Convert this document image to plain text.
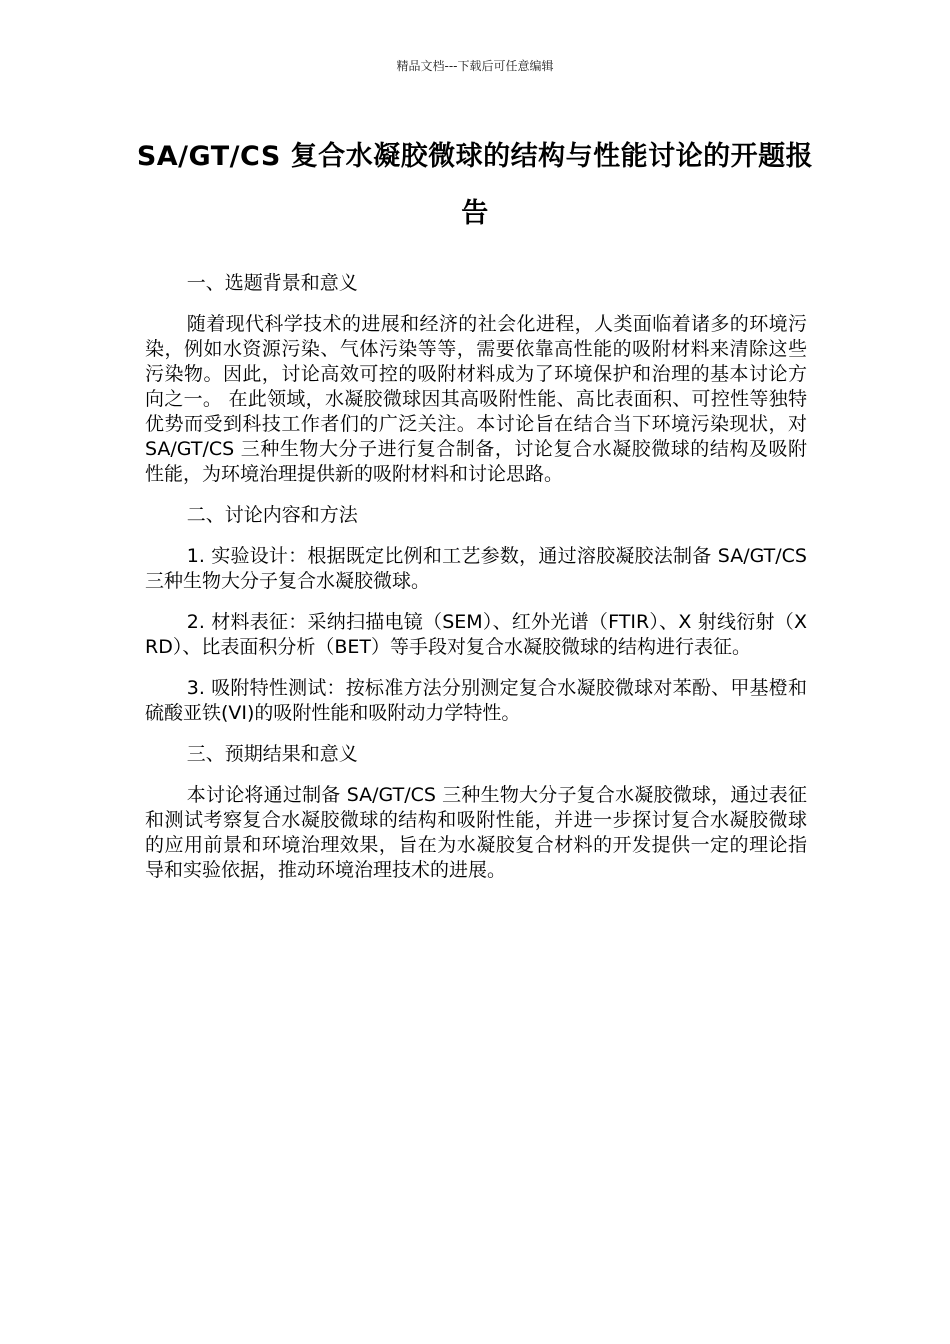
精品文档---下载后可任意编辑
SA/GT/CS 复合水凝胶微球的结构与性能讨论的开题报告

一、选题背景和意义

随着现代科学技术的进展和经济的社会化进程，人类面临着诸多的环境污染，例如水资源污染、气体污染等等，需要依靠高性能的吸附材料来清除这些污染物。因此，讨论高效可控的吸附材料成为了环境保护和治理的基本讨论方向之一。 在此领域，水凝胶微球因其高吸附性能、高比表面积、可控性等独特优势而受到科技工作者们的广泛关注。本讨论旨在结合当下环境污染现状，对 SA/GT/CS 三种生物大分子进行复合制备，讨论复合水凝胶微球的结构及吸附性能，为环境治理提供新的吸附材料和讨论思路。

二、讨论内容和方法

1. 实验设计：根据既定比例和工艺参数，通过溶胶凝胶法制备 SA/GT/CS 三种生物大分子复合水凝胶微球。

2. 材料表征：采纳扫描电镜（SEM）、红外光谱（FTIR）、X 射线衍射（XRD）、比表面积分析（BET）等手段对复合水凝胶微球的结构进行表征。

3. 吸附特性测试：按标准方法分别测定复合水凝胶微球对苯酚、甲基橙和硫酸亚铁(VI)的吸附性能和吸附动力学特性。

三、预期结果和意义

本讨论将通过制备 SA/GT/CS 三种生物大分子复合水凝胶微球，通过表征和测试考察复合水凝胶微球的结构和吸附性能，并进一步探讨复合水凝胶微球的应用前景和环境治理效果，旨在为水凝胶复合材料的开发提供一定的理论指导和实验依据，推动环境治理技术的进展。
